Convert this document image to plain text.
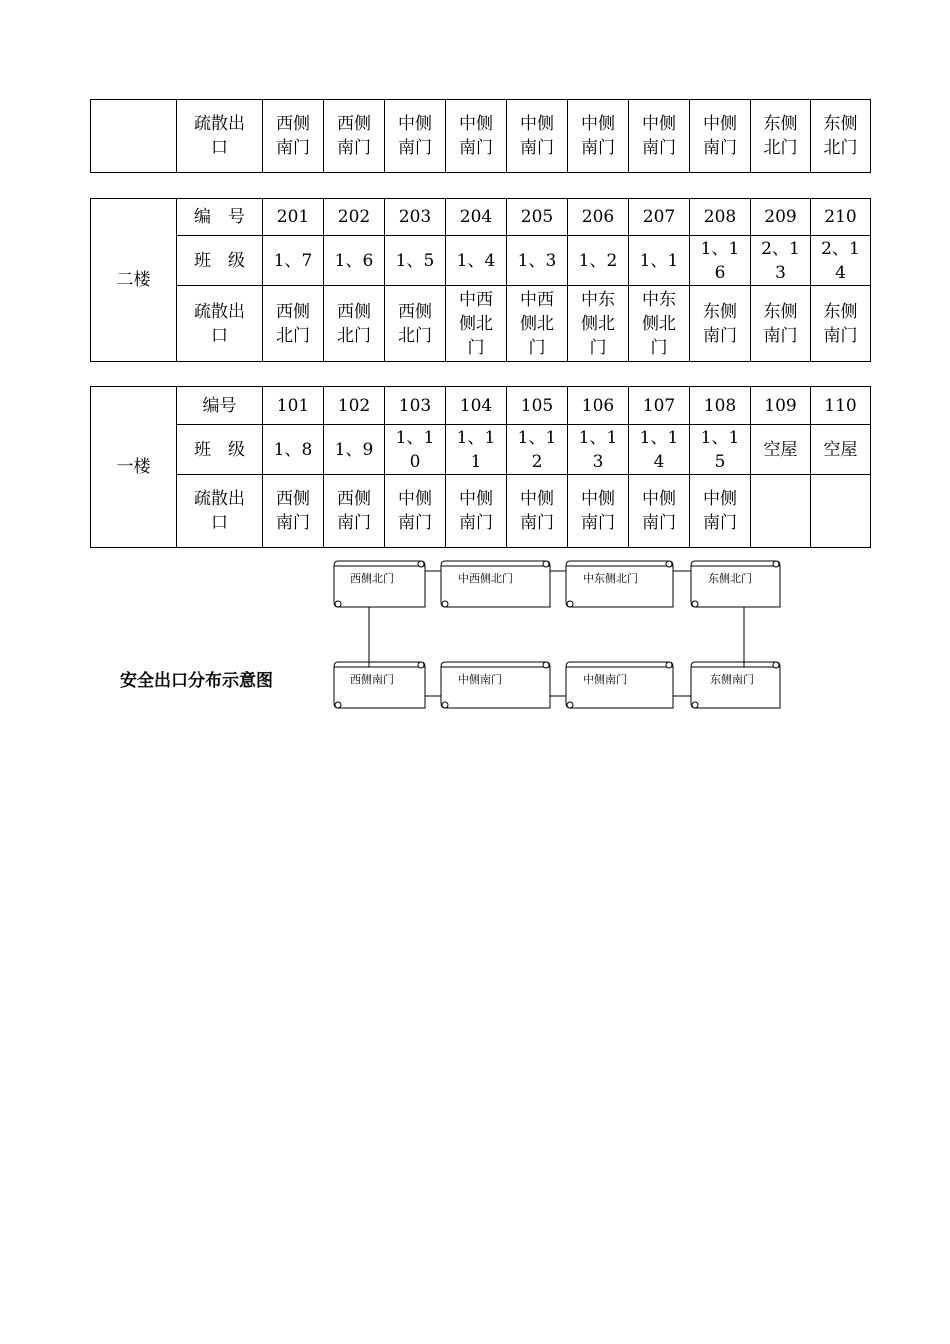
	疏散出口	西侧南门	西侧南门	中侧南门	中侧南门	中侧南门	中侧南门	中侧南门	中侧南门	东侧北门	东侧北门
二楼	编　号	201	202	203	204	205	206	207	208	209	210
	班　级	1、7	1、6	1、5	1、4	1、3	1、2	1、1	1、16	2、13	2、14
	疏散出口	西侧北门	西侧北门	西侧北门	中西侧北门	中西侧北门	中东侧北门	中东侧北门	东侧南门	东侧南门	东侧南门
一楼	编号	101	102	103	104	105	106	107	108	109	110
	班　级	1、8	1、9	1、10	1、11	1、12	1、13	1、14	1、15	空屋	空屋
	疏散出口	西侧南门	西侧南门	中侧南门	中侧南门	中侧南门	中侧南门	中侧南门	中侧南门		
安全出口分布示意图
西侧北门	中西侧北门	中东侧北门	东侧北门
西侧南门	中侧南门	中侧南门	东侧南门
